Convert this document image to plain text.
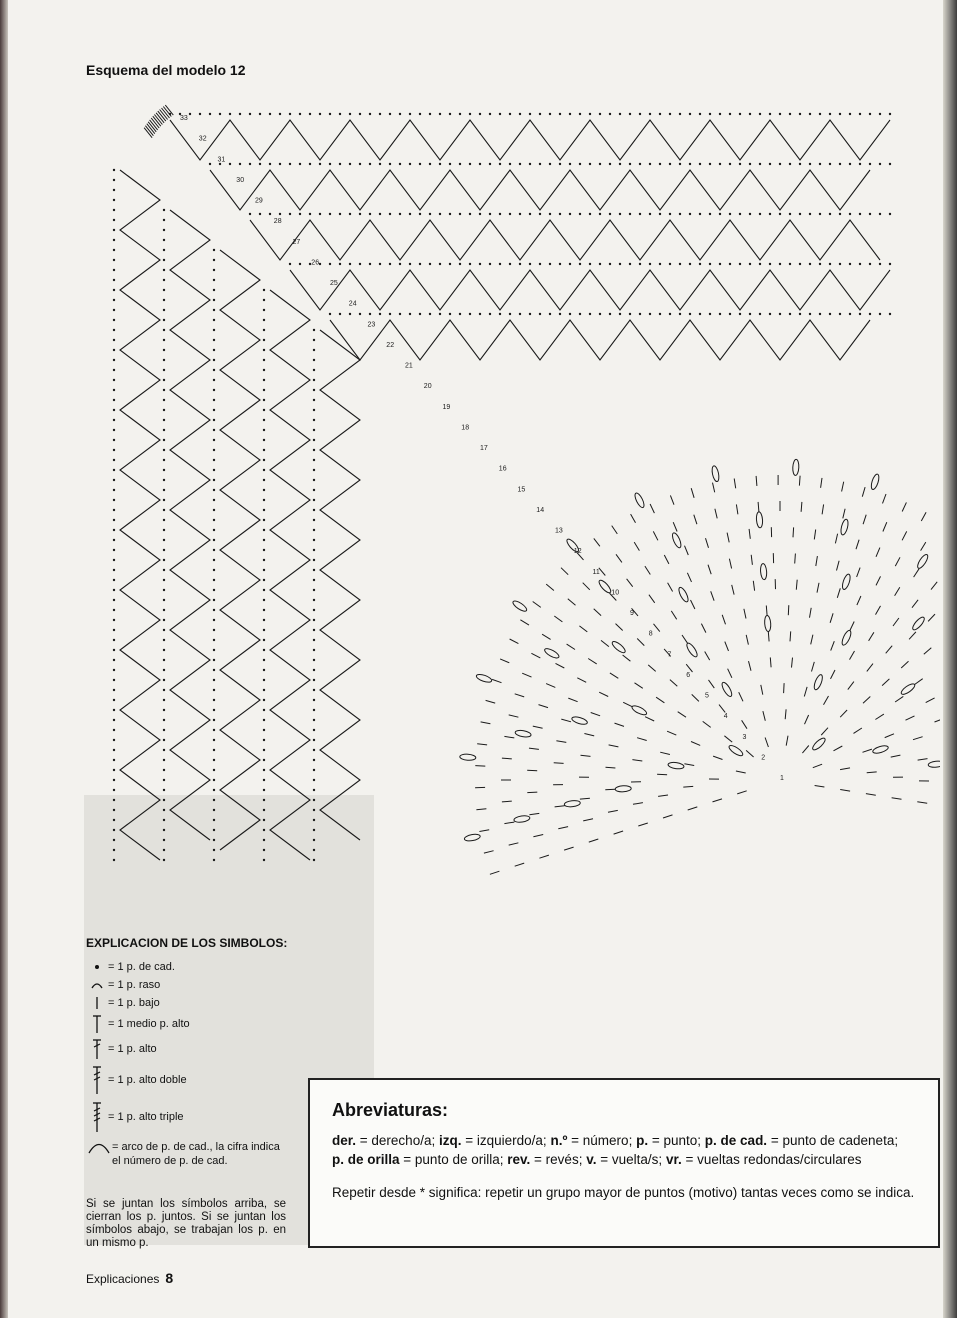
Esquema del modelo 12
33
32
31
30
29
28
27
26
25
24
23
22
21
20
19
18
17
16
15
14
13
12
11
10
9
8
7
6
5
4
3
2
1
EXPLICACION DE LOS SIMBOLOS:
= 1 p. de cad.
= 1 p. raso
= 1 p. bajo
= 1 medio p. alto
= 1 p. alto
= 1 p. alto doble
= 1 p. alto triple
= arco de p. de cad., la cifra indica el número de p. de cad.
Si se juntan los símbolos arriba, se cierran los p. juntos. Si se juntan los símbolos abajo, se trabajan los p. en un mismo p.
Abreviaturas:
der. = derecho/a; izq. = izquierdo/a; n.º = número; p. = punto; p. de cad. = punto de cadeneta;
p. de orilla = punto de orilla; rev. = revés; v. = vuelta/s; vr. = vueltas redondas/circulares
Repetir desde * significa: repetir un grupo mayor de puntos (motivo) tantas veces como se indica.
Explicaciones 8
